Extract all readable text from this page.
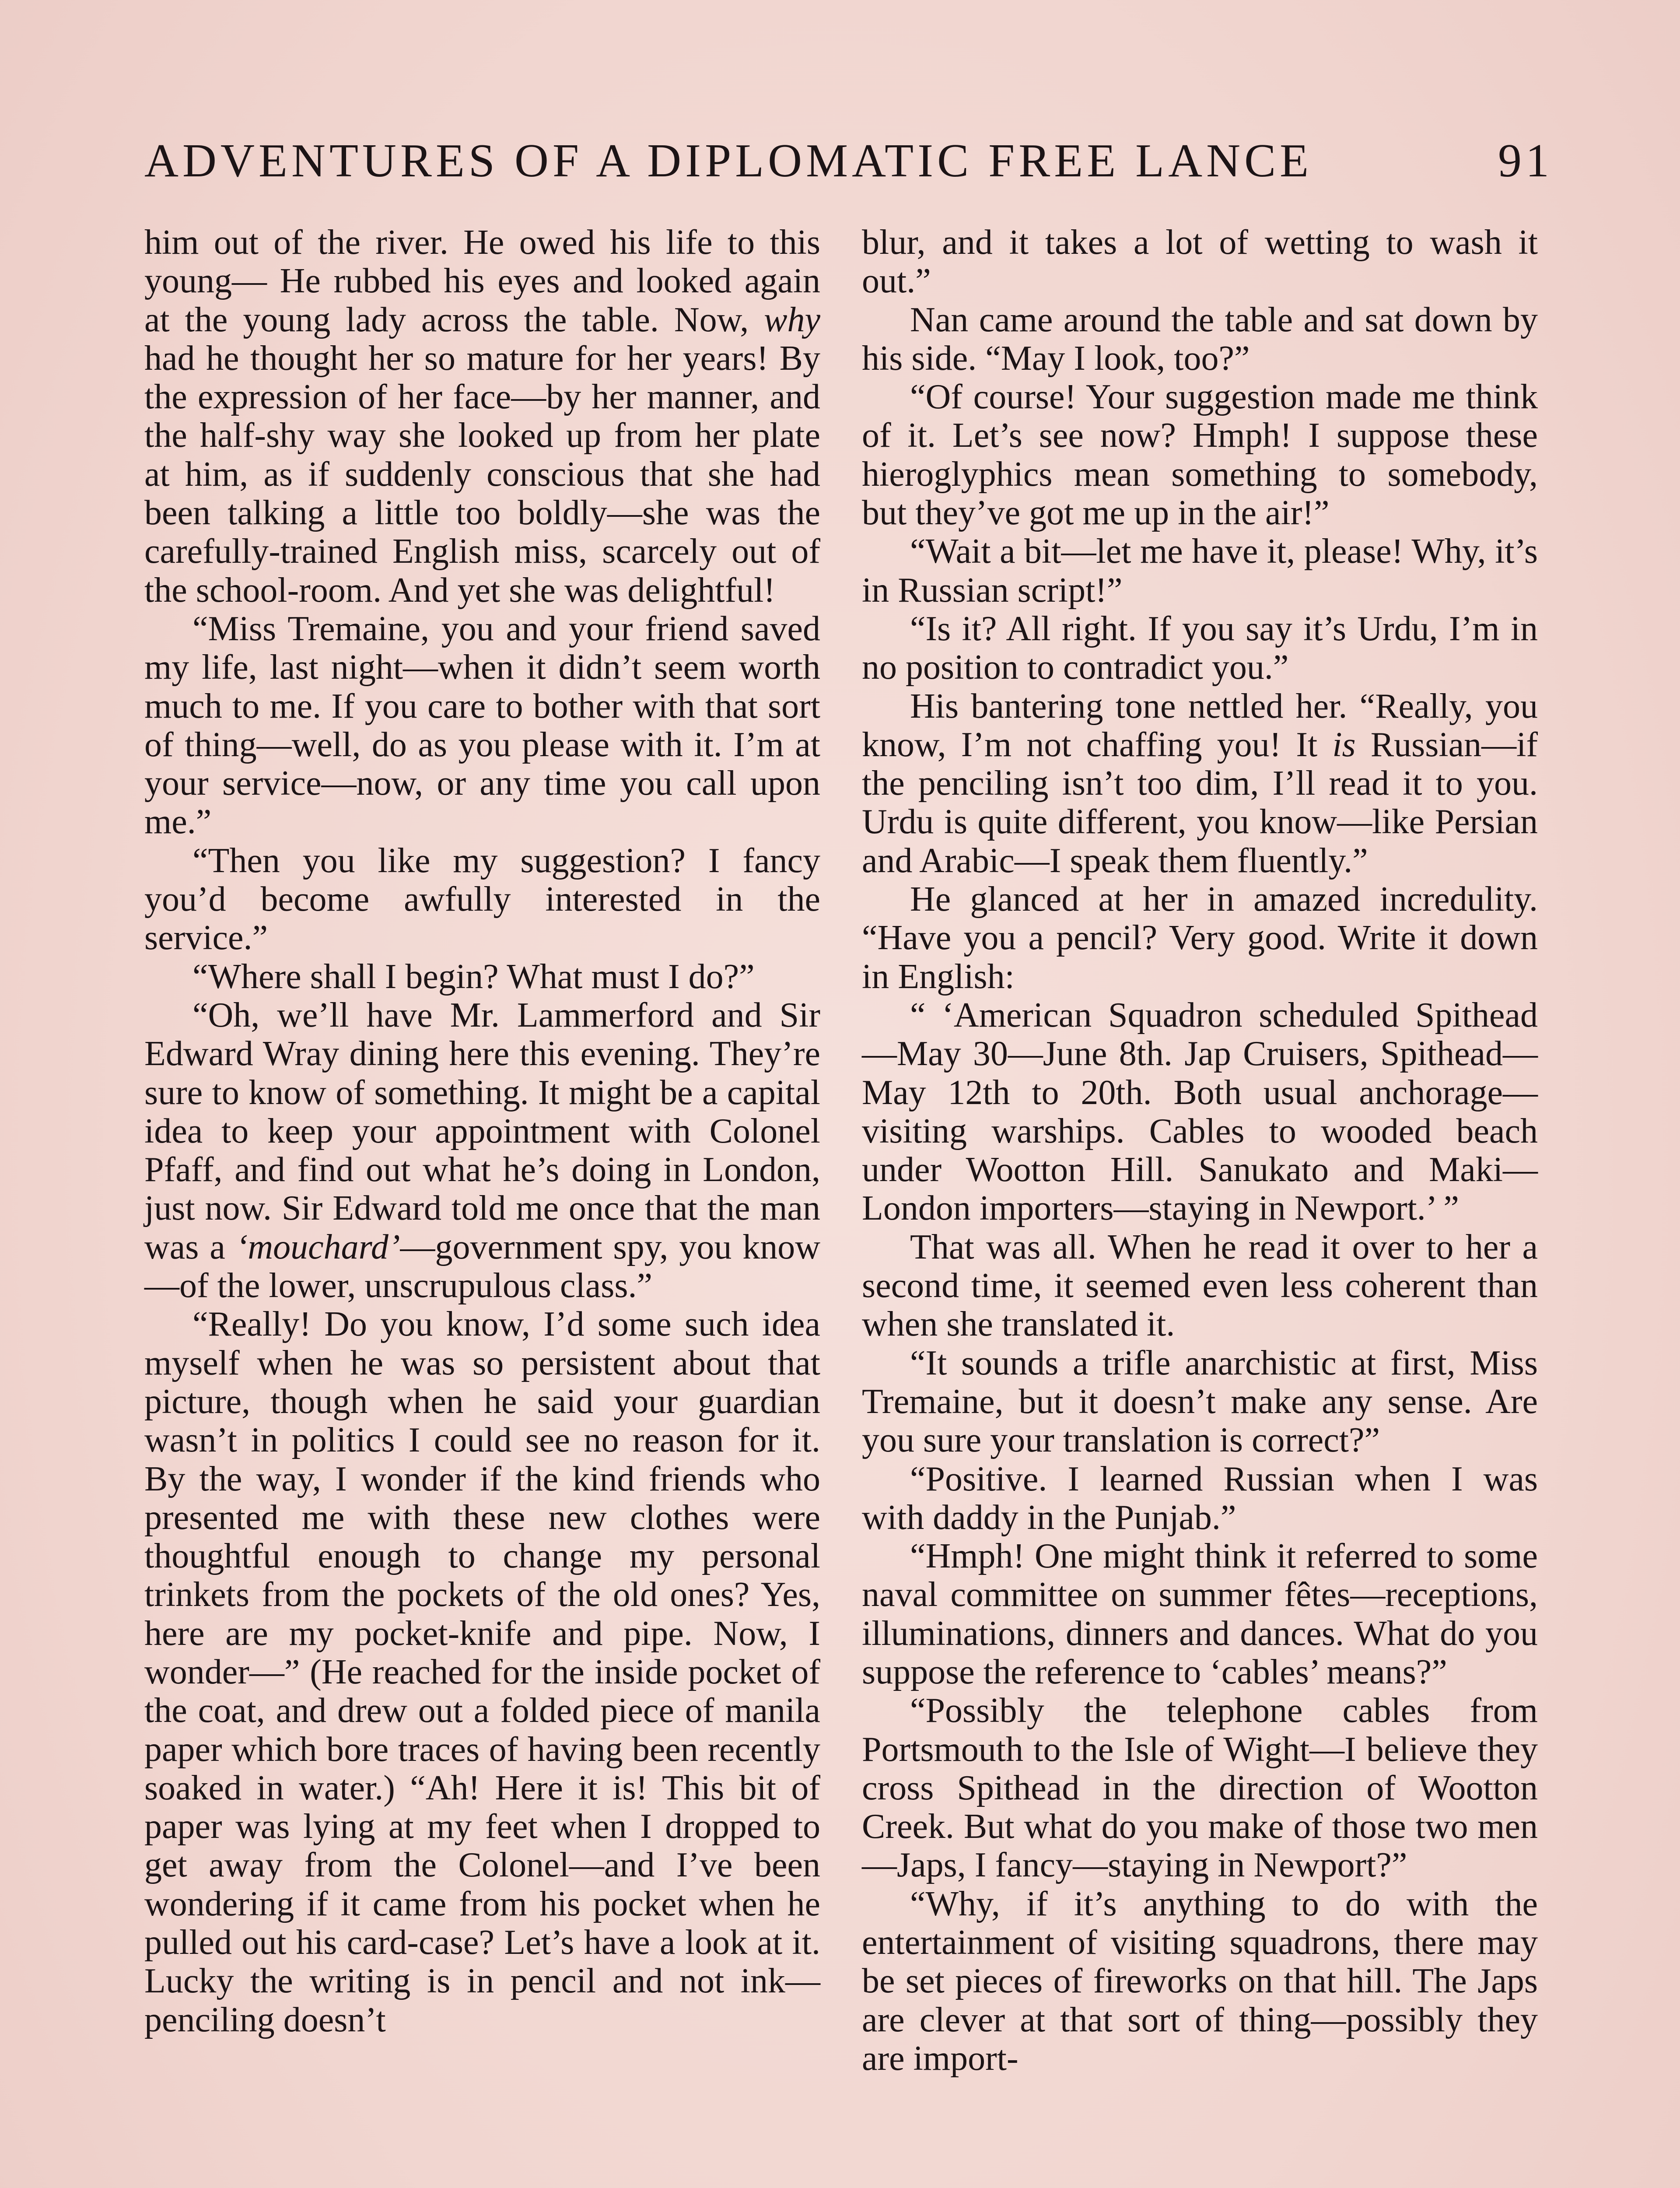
ADVENTURES OF A DIPLOMATIC FREE LANCE	91

him out of the river. He owed his life to this young— He rubbed his eyes and looked again at the young lady across the table. Now, why had he thought her so mature for her years! By the expression of her face—by her manner, and the half-shy way she looked up from her plate at him, as if suddenly conscious that she had been talking a little too boldly—she was the carefully-trained English miss, scarcely out of the school-room. And yet she was delightful!

“Miss Tremaine, you and your friend saved my life, last night—when it didn’t seem worth much to me. If you care to bother with that sort of thing—well, do as you please with it. I’m at your service—now, or any time you call upon me.”

“Then you like my suggestion? I fancy you’d become awfully interested in the service.”

“Where shall I begin? What must I do?”

“Oh, we’ll have Mr. Lammerford and Sir Edward Wray dining here this evening. They’re sure to know of something. It might be a capital idea to keep your appointment with Colonel Pfaff, and find out what he’s doing in London, just now. Sir Edward told me once that the man was a ‘mouchard’—government spy, you know—of the lower, unscrupulous class.”

“Really! Do you know, I’d some such idea myself when he was so persistent about that picture, though when he said your guardian wasn’t in politics I could see no reason for it. By the way, I wonder if the kind friends who presented me with these new clothes were thoughtful enough to change my personal trinkets from the pockets of the old ones? Yes, here are my pocket-knife and pipe. Now, I wonder—” (He reached for the inside pocket of the coat, and drew out a folded piece of manila paper which bore traces of having been recently soaked in water.) “Ah! Here it is! This bit of paper was lying at my feet when I dropped to get away from the Colonel—and I’ve been wondering if it came from his pocket when he pulled out his card-case? Let’s have a look at it. Lucky the writing is in pencil and not ink—penciling doesn’t

blur, and it takes a lot of wetting to wash it out.”

Nan came around the table and sat down by his side. “May I look, too?”

“Of course! Your suggestion made me think of it. Let’s see now? Hmph! I suppose these hieroglyphics mean something to somebody, but they’ve got me up in the air!”

“Wait a bit—let me have it, please! Why, it’s in Russian script!”

“Is it? All right. If you say it’s Urdu, I’m in no position to contradict you.”

His bantering tone nettled her. “Really, you know, I’m not chaffing you! It is Russian—if the penciling isn’t too dim, I’ll read it to you. Urdu is quite different, you know—like Persian and Arabic—I speak them fluently.”

He glanced at her in amazed incredulity. “Have you a pencil? Very good. Write it down in English:

“ ‘American Squadron scheduled Spithead—May 30—June 8th. Jap Cruisers, Spithead—May 12th to 20th. Both usual anchorage—visiting warships. Cables to wooded beach under Wootton Hill. Sanukato and Maki—London importers—staying in Newport.’ ”

That was all. When he read it over to her a second time, it seemed even less coherent than when she translated it.

“It sounds a trifle anarchistic at first, Miss Tremaine, but it doesn’t make any sense. Are you sure your translation is correct?”

“Positive. I learned Russian when I was with daddy in the Punjab.”

“Hmph! One might think it referred to some naval committee on summer fêtes—receptions, illuminations, dinners and dances. What do you suppose the reference to ‘cables’ means?”

“Possibly the telephone cables from Portsmouth to the Isle of Wight—I believe they cross Spithead in the direction of Wootton Creek. But what do you make of those two men—Japs, I fancy—staying in Newport?”

“Why, if it’s anything to do with the entertainment of visiting squadrons, there may be set pieces of fireworks on that hill. The Japs are clever at that sort of thing—possibly they are import-
